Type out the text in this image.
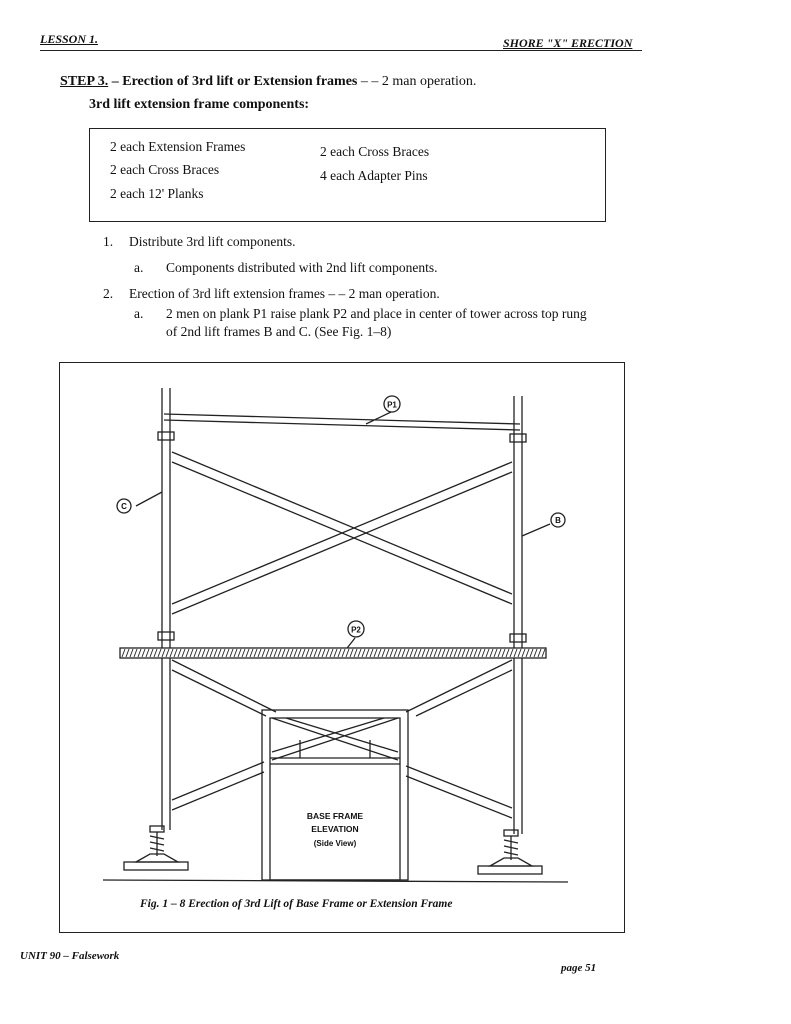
LESSON 1.	SHORE "X" ERECTION
STEP 3. – Erection of 3rd lift or Extension frames – – 2 man operation.
3rd lift extension frame components:
2 each Extension Frames
2 each Cross Braces
2 each 12' Planks
2 each Cross Braces
4 each Adapter Pins
1. Distribute 3rd lift components.
a. Components distributed with 2nd lift components.
2. Erection of 3rd lift extension frames – – 2 man operation.
a. 2 men on plank P1 raise plank P2 and place in center of tower across top rung
of 2nd lift frames B and C. (See Fig. 1–8)
P1
C
B
P2
BASE FRAME
ELEVATION
(Side View)
Fig. 1 – 8 Erection of 3rd Lift of Base Frame or Extension Frame
UNIT 90 – Falsework
page 51
